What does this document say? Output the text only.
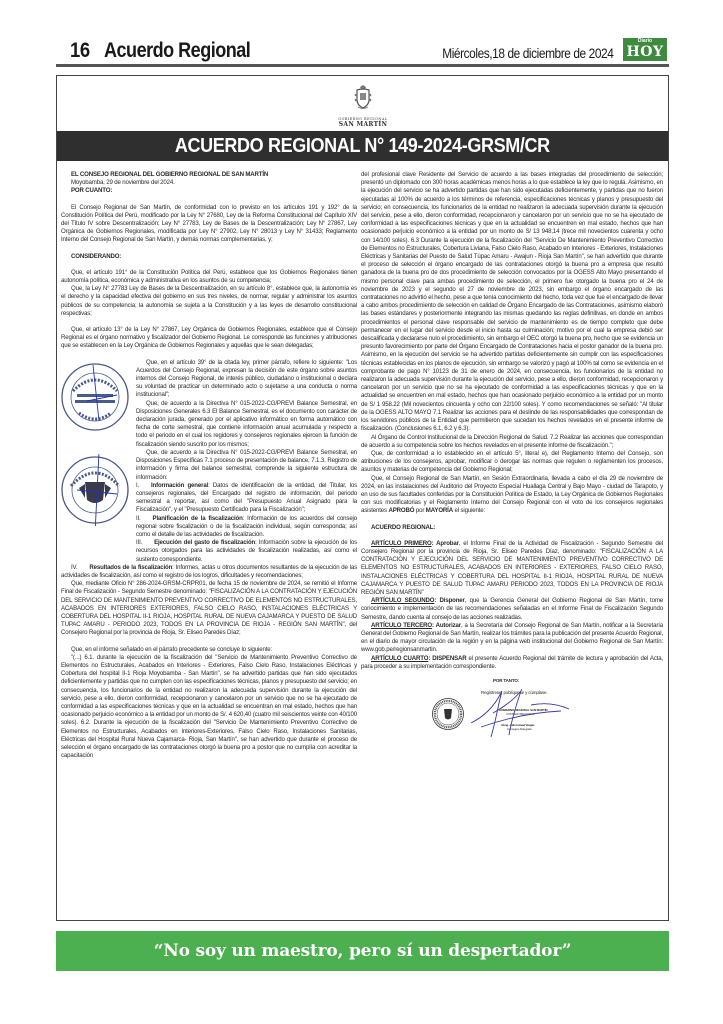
16 Acuerdo Regional	Miércoles,18 de diciembre de 2024
Diario
HOY
GOBIERNO REGIONAL
SAN MARTÍN
ACUERDO REGIONAL N° 149-2024-GRSM/CR

EL CONSEJO REGIONAL DEL GOBIERNO REGIONAL DE SAN MARTÍN

Moyobamba, 29 de noviembre del 2024.

POR CUANTO:

El Consejo Regional de San Martín, de conformidad con lo previsto en los artículos 191 y 192° de la Constitución Política del Perú, modificado por la Ley N° 27680, Ley de la Reforma Constitucional del Capítulo XIV del Título IV sobre Descentralización; Ley N° 27783, Ley de Bases de la Descentralización; Ley N° 27867, Ley Orgánica de Gobiernos Regionales, modificada por Ley N° 27902, Ley N° 28013 y Ley N° 31433; Reglamento Interno del Consejo Regional de San Martín, y demás normas complementarias, y;

CONSIDERANDO:

Que, el artículo 191° de la Constitución Política del Perú, establece que los Gobiernos Regionales tienen autonomía política, económica y administrativa en los asuntos de su competencia;

Que, la Ley N° 27783 Ley de Bases de la Descentralización, en su artículo 8°, establece que, la autonomía es el derecho y la capacidad efectiva del gobierno en sus tres niveles, de normar, regular y administrar los asuntos públicos de su competencia; la autonomía se sujeta a la Constitución y a las leyes de desarrollo constitucional respectivas;

Que, el artículo 13° de la Ley N° 27867, Ley Orgánica de Gobiernos Regionales, establece que el Consejo Regional es el órgano normativo y fiscalizador del Gobierno Regional. Le corresponde las funciones y atribuciones que se establecen en la Ley Orgánica de Gobiernos Regionales y aquellas que le sean delegadas;

Que, en el artículo 39° de la citada ley, primer párrafo, refiere lo siguiente: "Los Acuerdos del Consejo Regional, expresan la decisión de este órgano sobre asuntos internos del Consejo Regional, de interés público, ciudadano o institucional o declara su voluntad de practicar un determinado acto o sujetarse a una conducta o norma institucional";

Que, de acuerdo a la Directiva N° 015-2022-CG/PREVI Balance Semestral, en Disposiciones Generales 6.3 El Balance Semestral, es el documento con carácter de declaración jurada, generado por el aplicativo informático en forma automático con fecha de corte semestral, que contiene información anual acumulada y respecto a todo el periodo en el cual los regidores y consejeros regionales ejercen la función de fiscalización siendo suscrito por los mismos;

Que, de acuerdo a la Directiva N° 015-2022-CG/PREVI Balance Semestral, en Disposiciones Específicas 7.1 proceso de presentación de balance, 7.1.3. Registro de información y firma del balance semestral, comprende la siguiente estructura de información:

I.   Información general: Datos de identificación de la entidad, del Titular, los consejeros regionales, del Encargado del registro de información, del periodo semestral a reportar, así como del "Presupuesto Anual Asignado para la Fiscalización", y el "Presupuesto Certificado para la Fiscalización";

II.   Planificación de la fiscalización: Información de los acuerdos del consejo regional sobre fiscalización o de la fiscalización individual, según corresponda; así como el detalle de las actividades de fiscalización.

III.   Ejecución del gasto de fiscalización: Información sobre la ejecución de los recursos otorgados para las actividades de fiscalización realizadas, así como el sustento correspondiente.

IV.   Resultados de la fiscalización: Informes, actas u otros documentos resultantes de la ejecución de las actividades de fiscalización, así como el registro de los logros, dificultades y recomendaciones;

Que, mediante Oficio N° 286-2024-GRSM-CRPR01, de fecha 15 de noviembre de 2024, se remitió el Informe Final de Fiscalización - Segundo Semestre denominado: "FISCALIZACIÓN A LA CONTRATACIÓN Y EJECUCIÓN DEL SERVICIO DE MANTENIMIENTO PREVENTIVO CORRECTIVO DE ELEMENTOS NO ESTRUCTURALES, ACABADOS EN INTERIORES EXTERIORES, FALSO CIELO RASO, INSTALACIONES ELÉCTRICAS Y COBERTURA DEL HOSPITAL II-1 RIOJA, HOSPITAL RURAL DE NUEVA CAJAMARCA Y PUESTO DE SALUD TUPAC AMARU - PERIODO 2023, TODOS EN LA PROVINCIA DE RIOJA - REGIÓN SAN MARTÍN", del Consejero Regional por la provincia de Rioja, Sr. Eliseo Paredes Díaz;

Que, en el informe señalado en el párrafo precedente se concluye lo siguiente:

"(...) 6.1. durante la ejecución de la fiscalización del "Servicio de Mantenimiento Preventivo Correctivo de Elementos no Estructurales, Acabados en Interiores - Exteriores, Falso Cielo Raso, Instalaciones Eléctricas y Cobertura del hospital II-1 Rioja Moyobamba - San Martín", se ha advertido partidas que han sido ejecutados deficientemente y partidas que no cumplen con las especificaciones técnicas, planos y presupuesto del servicio; en consecuencia, los funcionarios de la entidad no realizaron la adecuada supervisión durante la ejecución del servicio, pese a ello, dieron conformidad, recepcionaron y cancelaron por un servicio que no se ha ejecutado de conformidad a las especificaciones técnicas y que en la actualidad se encuentran en mal estado, hechos que han ocasionado perjuicio económico a la entidad por un monto de S/. 4 620,40 (cuatro mil seiscientos veinte con 40/100 soles). 6.2. Durante la ejecución de la fiscalización del "Servicio De Mantenimiento Preventivo Correctivo de Elementos no Estructurales, Acabados en Interiores-Exteriores, Falso Cielo Raso, Instalaciones Sanitarias, Eléctricas del Hospital Rural Nueva Cajamarca- Rioja, San Martín", se han advertido que durante el proceso de selección el órgano encargado de las contrataciones otorgó la buena pro a postor que no cumplía con acreditar la capacitación

del profesional clave Residente del Servicio de acuerdo a las bases integradas del procedimiento de selección; presentó un diplomado con 300 horas académicas menos horas a lo que establece la ley que lo regula. Asimismo, en la ejecución del servicio se ha advertido partidas que han sido ejecutadas deficientemente, y partidas que no fueron ejecutadas al 100% de acuerdo a los términos de referencia, especificaciones técnicas y planos y presupuesto del servicio; en consecuencia, los funcionarios de la entidad no realizaron la adecuada supervisión durante la ejecución del servicio, pese a ello, dieron conformidad, recepcionaron y cancelaron por un servicio que no se ha ejecutado de conformidad a las especificaciones técnicas y que en la actualidad se encuentren en mal estado, hechos que han ocasionado perjuicio económico a la entidad por un monto de S/ 13 948,14 (trece mil novecientos cuarenta y ocho con 14/100 soles). 6.3 Durante la ejecución de la fiscalización del "Servicio De Mantenimiento Preventivo Correctivo de Elementos no Estructurales, Cobertura Liviana, Falso Cielo Raso, Acabado en Interiores - Exteriores, Instalaciones Eléctricas y Sanitarias del Puesto de Salud Túpac Amaru - Awajun - Rioja San Martín", se han advertido que durante el proceso de selección el órgano encargado de las contrataciones otorgó la buena pro a empresa que resultó ganadora de la buena pro de dos procedimiento de selección convocados por la OGESS Alto Mayo presentando el mismo personal clave para ambas procedimiento de selección, el primero fue otorgado la buena pro el 24 de noviembre de 2023 y el segundo el 27 de noviembre de 2023, sin embargo el órgano encargado de las contrataciones no advirtió el hecho, pese a que tenía conocimiento del hecho, toda vez que fue el encargado de llevar a cabo ambos procedimiento de selección en calidad de Órgano Encargado de las Contrataciones, asimismo elaboró las bases estándares y posteriormente integrando las mismas quedando las reglas definitivas, en donde en ambos procedimientos el personal clave responsable del servicio de mantenimiento es de tiempo completo que debe permanecer en el lugar del servicio desde el inicio hasta su culminación; motivo por el cual la empresa debió ser descalificada y declararse nulo el procedimiento, sin embargo el OEC otorgó la buena pro, hecho que se evidencia un presunto favorecimiento por parte del Órgano Encargado de Contrataciones hacia el postor ganador de la buena pro. Asimismo, en la ejecución del servicio se ha advertido partidas deficientemente sin cumplir con las especificaciones técnicas establecidas en los planos de ejecución, sin embargo se valorizó y pagó al 100% tal como se evidencia en el comprobante de pago N° 10123 de 31 de enero de 2024, en consecuencia, los funcionarios de la entidad no realizaron la adecuada supervisión durante la ejecución del servicio, pese a ello, dieron conformidad, recepcionaron y cancelaron por un servicio que no se ha ejecutado de conformidad a las especificaciones técnicas y que en la actualidad se encuentren en mal estado, hechos que han ocasionado perjuicio económico a la entidad por un monto de S/ 1 958.22 (Mil novecientos cincuenta y ocho con 22/100 soles). Y como recomendaciones se señaló: "Al titular de la OGESS ALTO MAYO 7.1 Realizar las acciones para el deslinde de las responsabilidades que correspondan de los servidores públicos de la Entidad que permitieron que sucedan los hechos revelados en el presente informe de fiscalización. (Conclusiones 6.1, 6.2 y 6.3).

Al Órgano de Control Institucional de la Dirección Regional de Salud. 7.2 Realizar las acciones que correspondan de acuerdo a su competencia sobre los hechos revelados en el presente informe de fiscalización.";

Que, de conformidad a lo establecido en el artículo 5°, literal e), del Reglamento Interno del Consejo, son atribuciones de los consejeros, aprobar, modificar o derogar las normas que regulen o reglamenten los procesos, asuntos y materias de competencia del Gobierno Regional;

Que, el Consejo Regional de San Martín, en Sesión Extraordinaria, llevada a cabo el día 29 de noviembre de 2024, en las instalaciones del Auditorio del Proyecto Especial Huallaga Central y Bajo Mayo - ciudad de Tarapoto, y en uso de sus facultades conferidas por la Constitución Política de Estado, la Ley Orgánica de Gobiernos Regionales con sus modificatorias y el Reglamento Interno del Consejo Regional con el voto de los consejeros regionales asistentes APROBÓ por MAYORÍA el siguiente:

ACUERDO REGIONAL:

ARTÍCULO PRIMERO: Aprobar, el Informe Final de la Actividad de Fiscalización - Segundo Semestre del Consejero Regional por la provincia de Rioja, Sr. Eliseo Paredes Díaz, denominado: "FISCALIZACIÓN A LA CONTRATACIÓN Y EJECUCIÓN DEL SERVICIO DE MANTENIMIENTO PREVENTIVO CORRECTIVO DE ELEMENTOS NO ESTRUCTURALES, ACABADOS EN INTERIORES - EXTERIORES, FALSO CIELO RASO, INSTALACIONES ELÉCTRICAS Y COBERTURA DEL HOSPITAL II-1 RIOJA, HOSPITAL RURAL DE NUEVA CAJAMARCA Y PUESTO DE SALUD TUPAC AMARU PERIODO 2023, TODOS EN LA PROVINCIA DE RIOJA REGIÓN SAN MARTÍN"

ARTÍCULO SEGUNDO: Disponer, que la Gerencia General del Gobierno Regional de San Martín, tome conocimiento e implementación de las recomendaciones señaladas en el Informe Final de Fiscalización Segundo Semestre, dando cuenta al consejo de las acciones realizadas.

ARTÍCULO TERCERO: Autorizar, a la Secretaría del Consejo Regional de San Martín, notificar a la Secretaría General del Gobierno Regional de San Martín, realizar los trámites para la publicación del presente Acuerdo Regional, en el diario de mayor circulación de la región y en la página web institucional del Gobierno Regional de San Martín: www.gob.pe/regionsanmartin.

ARTÍCULO CUARTO: DISPENSAR el presente Acuerdo Regional del trámite de lectura y aprobación del Acta, para proceder a su implementación correspondiente.

POR TANTO:
Regístrese, publíquese y cúmplase.
GOBIERNO REGIONAL SAN MARTÍN
CONSEJO REGIONAL
Abog. Julio Ismael Vargas
Consejero Delegado
“No soy un maestro, pero sí un despertador”
